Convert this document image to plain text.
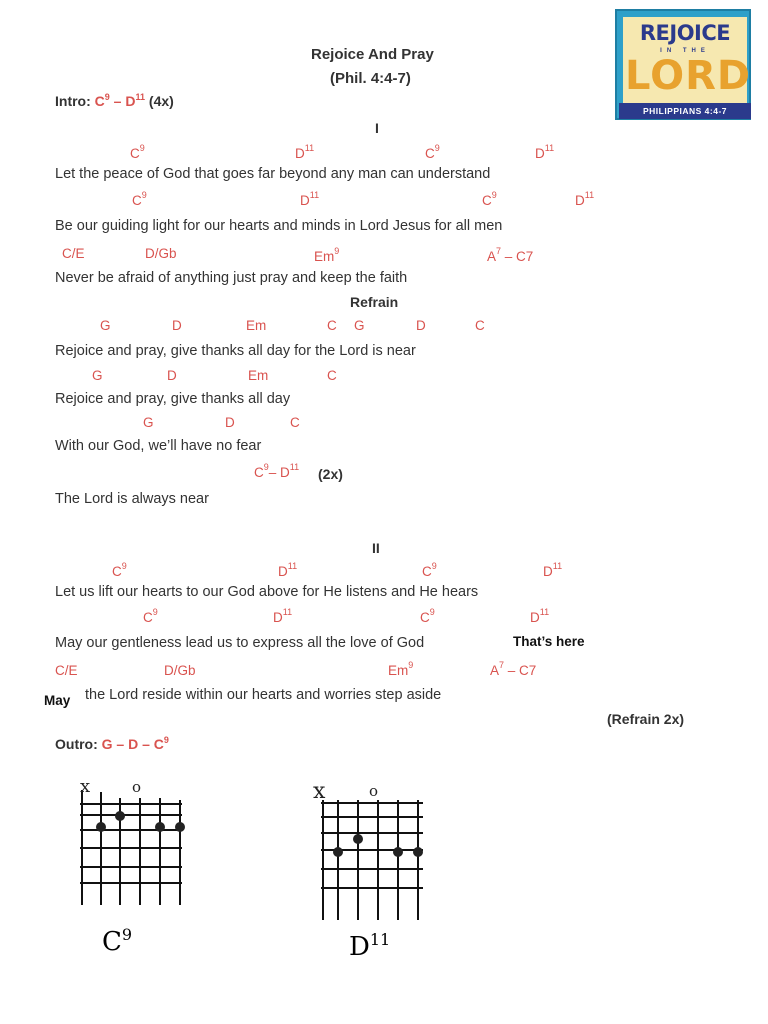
REJOICE
IN THE
LORD
PHILIPPIANS 4:4-7
Rejoice And Pray
(Phil. 4:4-7)
Intro: $C^9 - D^{11}$ (4x)
I
$C^9$	$D^{11}$	$C^9$	$D^{11}$
Let the peace of God that goes far beyond any man can understand
$C^9$	$D^{11}$	$C^9$	$D^{11}$
Be our guiding light for our hearts and minds in Lord Jesus for all men
C/E	D/Gb	Em$^9$	$A^7 - C7$
Never be afraid of anything just pray and keep the faith
Refrain
G	D	Em	C G	D	C
Rejoice and pray, give thanks all day for the Lord is near
G	D	Em	C
Rejoice and pray, give thanks all day
G	D	C
With our God, we’ll have no fear
$C^9-$ $D^{11}$ (2x)
The Lord is always near
II
$C^9$	$D^{11}$	$C^9$	$D^{11}$
Let us lift our hearts to our God above for He listens and He hears
$C^9$	$D^{11}$	$C^9$	$D^{11}$
May our gentleness lead us to express all the love of God	That’s here
C/E	D/Gb	Em$^9$	$A^7 - C7$
May the Lord reside within our hearts and worries step aside
(Refrain 2x)
Outro: G – D – $C^9$
x	o
$C^9$
x	o
$D^{11}$
